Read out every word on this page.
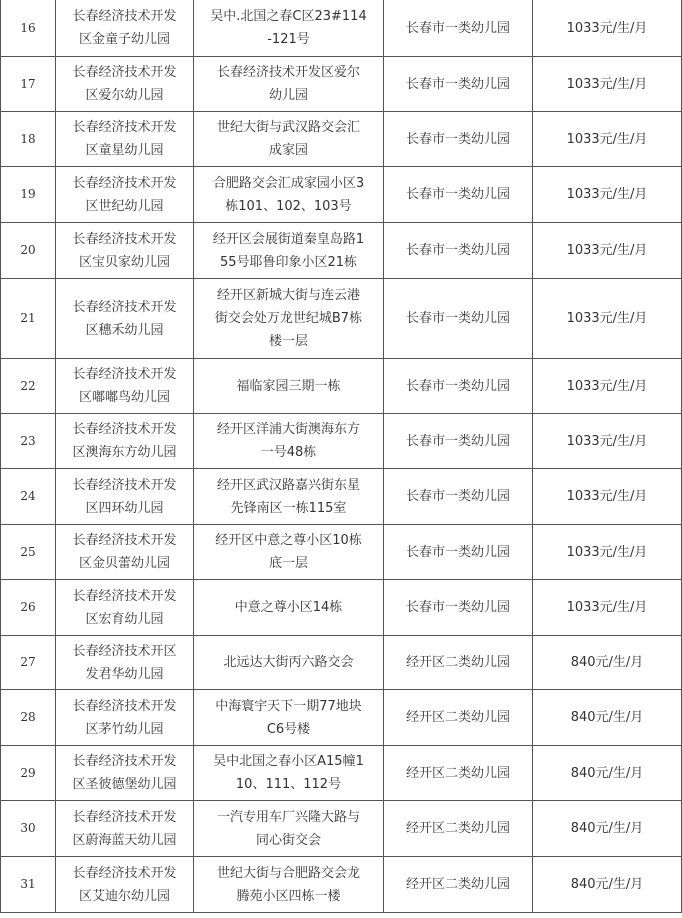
16	长春经济技术开发
区金童子幼儿园	吴中.北国之春C区23#114
-121号	长春市一类幼儿园	1033元/生/月
17	长春经济技术开发
区爱尔幼儿园	长春经济技术开发区爱尔
幼儿园	长春市一类幼儿园	1033元/生/月
18	长春经济技术开发
区童星幼儿园	世纪大街与武汉路交会汇
成家园	长春市一类幼儿园	1033元/生/月
19	长春经济技术开发
区世纪幼儿园	合肥路交会汇成家园小区3
栋101、102、103号	长春市一类幼儿园	1033元/生/月
20	长春经济技术开发
区宝贝家幼儿园	经开区会展街道秦皇岛路1
55号耶鲁印象小区21栋	长春市一类幼儿园	1033元/生/月
21	长春经济技术开发
区穗禾幼儿园	经开区新城大街与连云港
街交会处万龙世纪城B7栋
楼一层	长春市一类幼儿园	1033元/生/月
22	长春经济技术开发
区嘟嘟鸟幼儿园	福临家园三期一栋	长春市一类幼儿园	1033元/生/月
23	长春经济技术开发
区澳海东方幼儿园	经开区洋浦大街澳海东方
一号48栋	长春市一类幼儿园	1033元/生/月
24	长春经济技术开发
区四环幼儿园	经开区武汉路嘉兴街东星
先锋南区一栋115室	长春市一类幼儿园	1033元/生/月
25	长春经济技术开发
区金贝蕾幼儿园	经开区中意之尊小区10栋
底一层	长春市一类幼儿园	1033元/生/月
26	长春经济技术开发
区宏育幼儿园	中意之尊小区14栋	长春市一类幼儿园	1033元/生/月
27	长春经济技术开区
发君华幼儿园	北远达大街丙六路交会	经开区二类幼儿园	840元/生/月
28	长春经济技术开发
区茅竹幼儿园	中海寰宇天下一期77地块
C6号楼	经开区二类幼儿园	840元/生/月
29	长春经济技术开发
区圣彼德堡幼儿园	吴中北国之春小区A15幢1
10、111、112号	经开区二类幼儿园	840元/生/月
30	长春经济技术开发
区蔚海蓝天幼儿园	一汽专用车厂兴隆大路与
同心街交会	经开区二类幼儿园	840元/生/月
31	长春经济技术开发
区艾迪尔幼儿园	世纪大街与合肥路交会龙
腾苑小区四栋一楼	经开区二类幼儿园	840元/生/月
